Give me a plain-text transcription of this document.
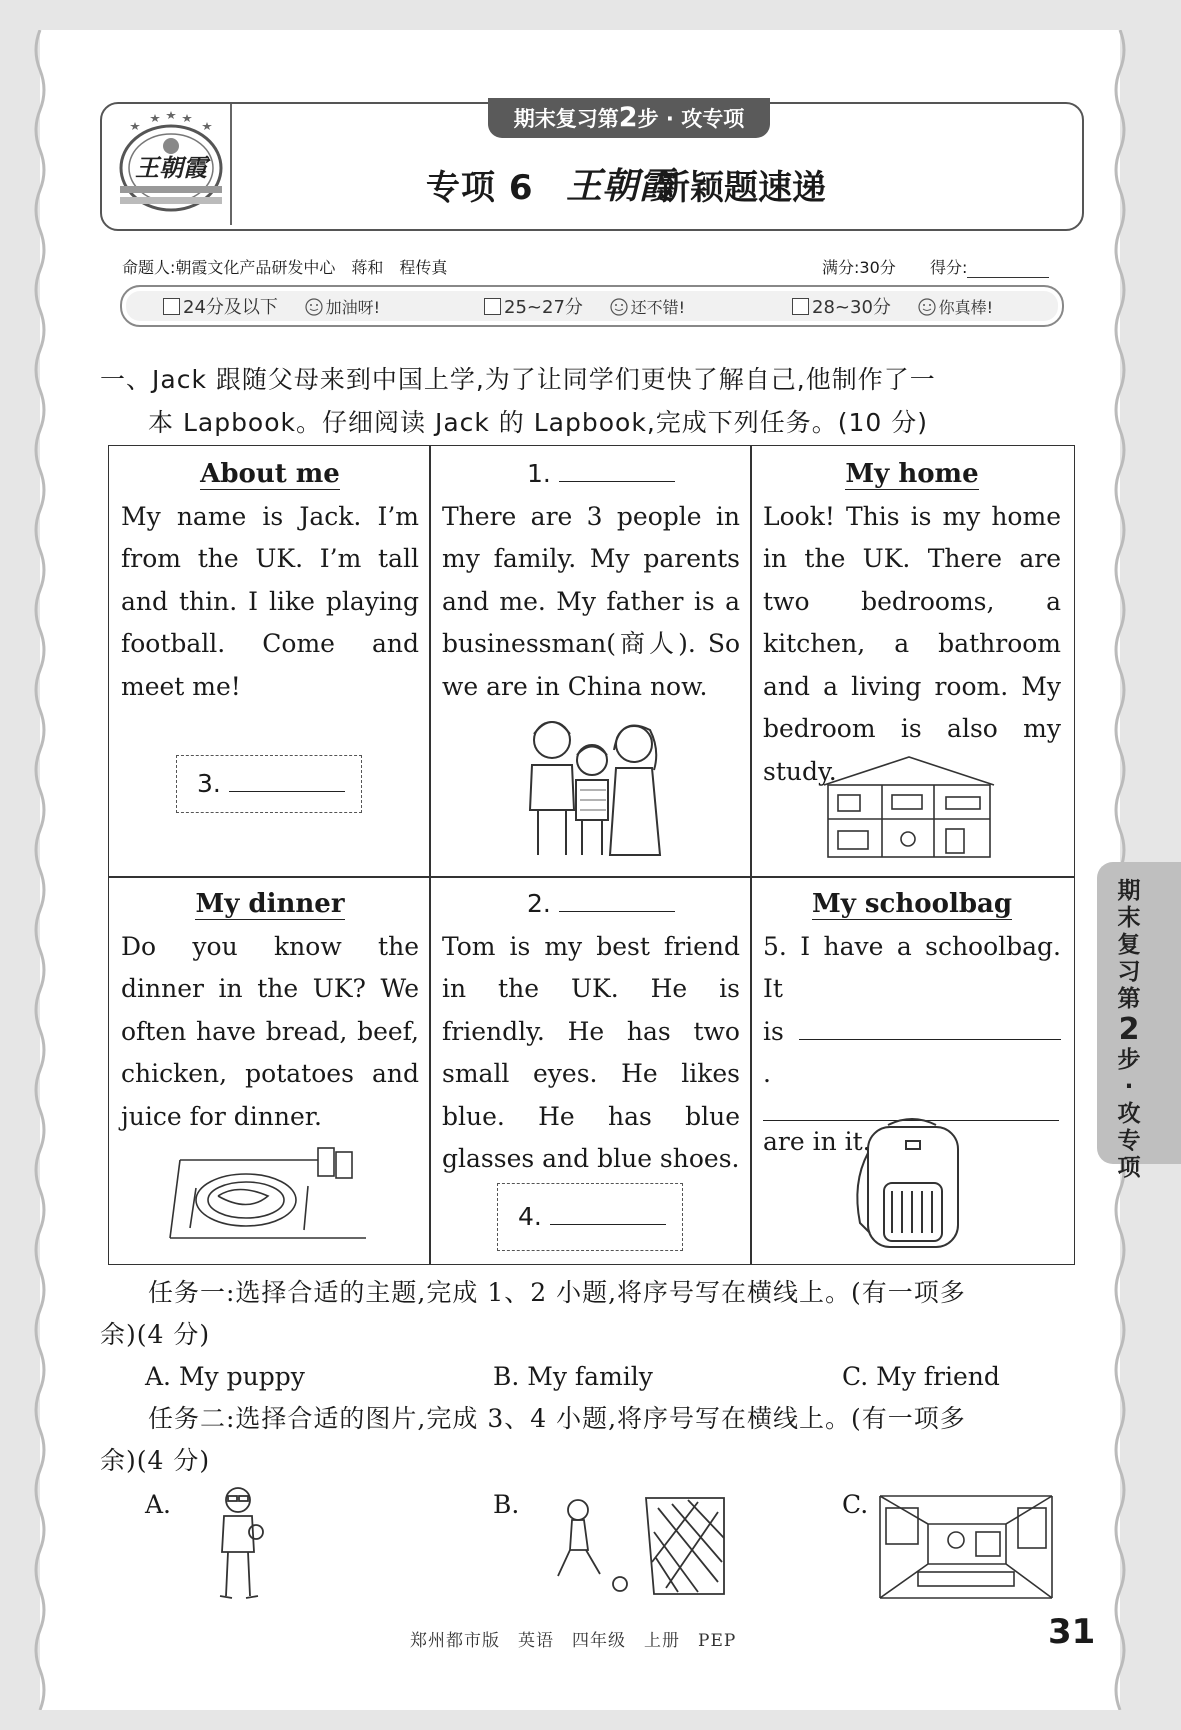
王朝霞
期末复习第2步 · 攻专项
专项 6 王朝霞
新颖题速递
命题人:朝霞文化产品研发中心　蒋和　程传真	满分:30分 得分:
24分及以下	加油呀!	25~27分	还不错!	28~30分	你真棒!
一、Jack 跟随父母来到中国上学,为了让同学们更快了解自己,他制作了一
本 Lapbook。仔细阅读 Jack 的 Lapbook,完成下列任务。(10 分)
About me
My name is Jack. I’m from the UK. I’m tall and thin. I like playing football. Come and meet me!
3.
1.
There are 3 people in my family. My parents and me. My father is a businessman(商人). So we are in China now.
My home
Look! This is my home in the UK. There are two bedrooms, a kitchen, a bathroom and a living room. My bedroom is also my study.
My dinner
Do you know the dinner in the UK? We often have bread, beef, chicken, potatoes and juice for dinner.
2.
Tom is my best friend in the UK. He is friendly. He has two small eyes. He likes blue. He has blue glasses and blue shoes.
4.
My schoolbag
5. I have a schoolbag. It
is .

are in it.
任务一:选择合适的主题,完成 1、2 小题,将序号写在横线上。(有一项多
余)(4 分)
A. My puppy	B. My family	C. My friend
任务二:选择合适的图片,完成 3、4 小题,将序号写在横线上。(有一项多
余)(4 分)
A.	B.	C.
期
末
复
习
第
2
步
·
攻
专
项
郑州都市版　英语　四年级　上册　PEP	31
